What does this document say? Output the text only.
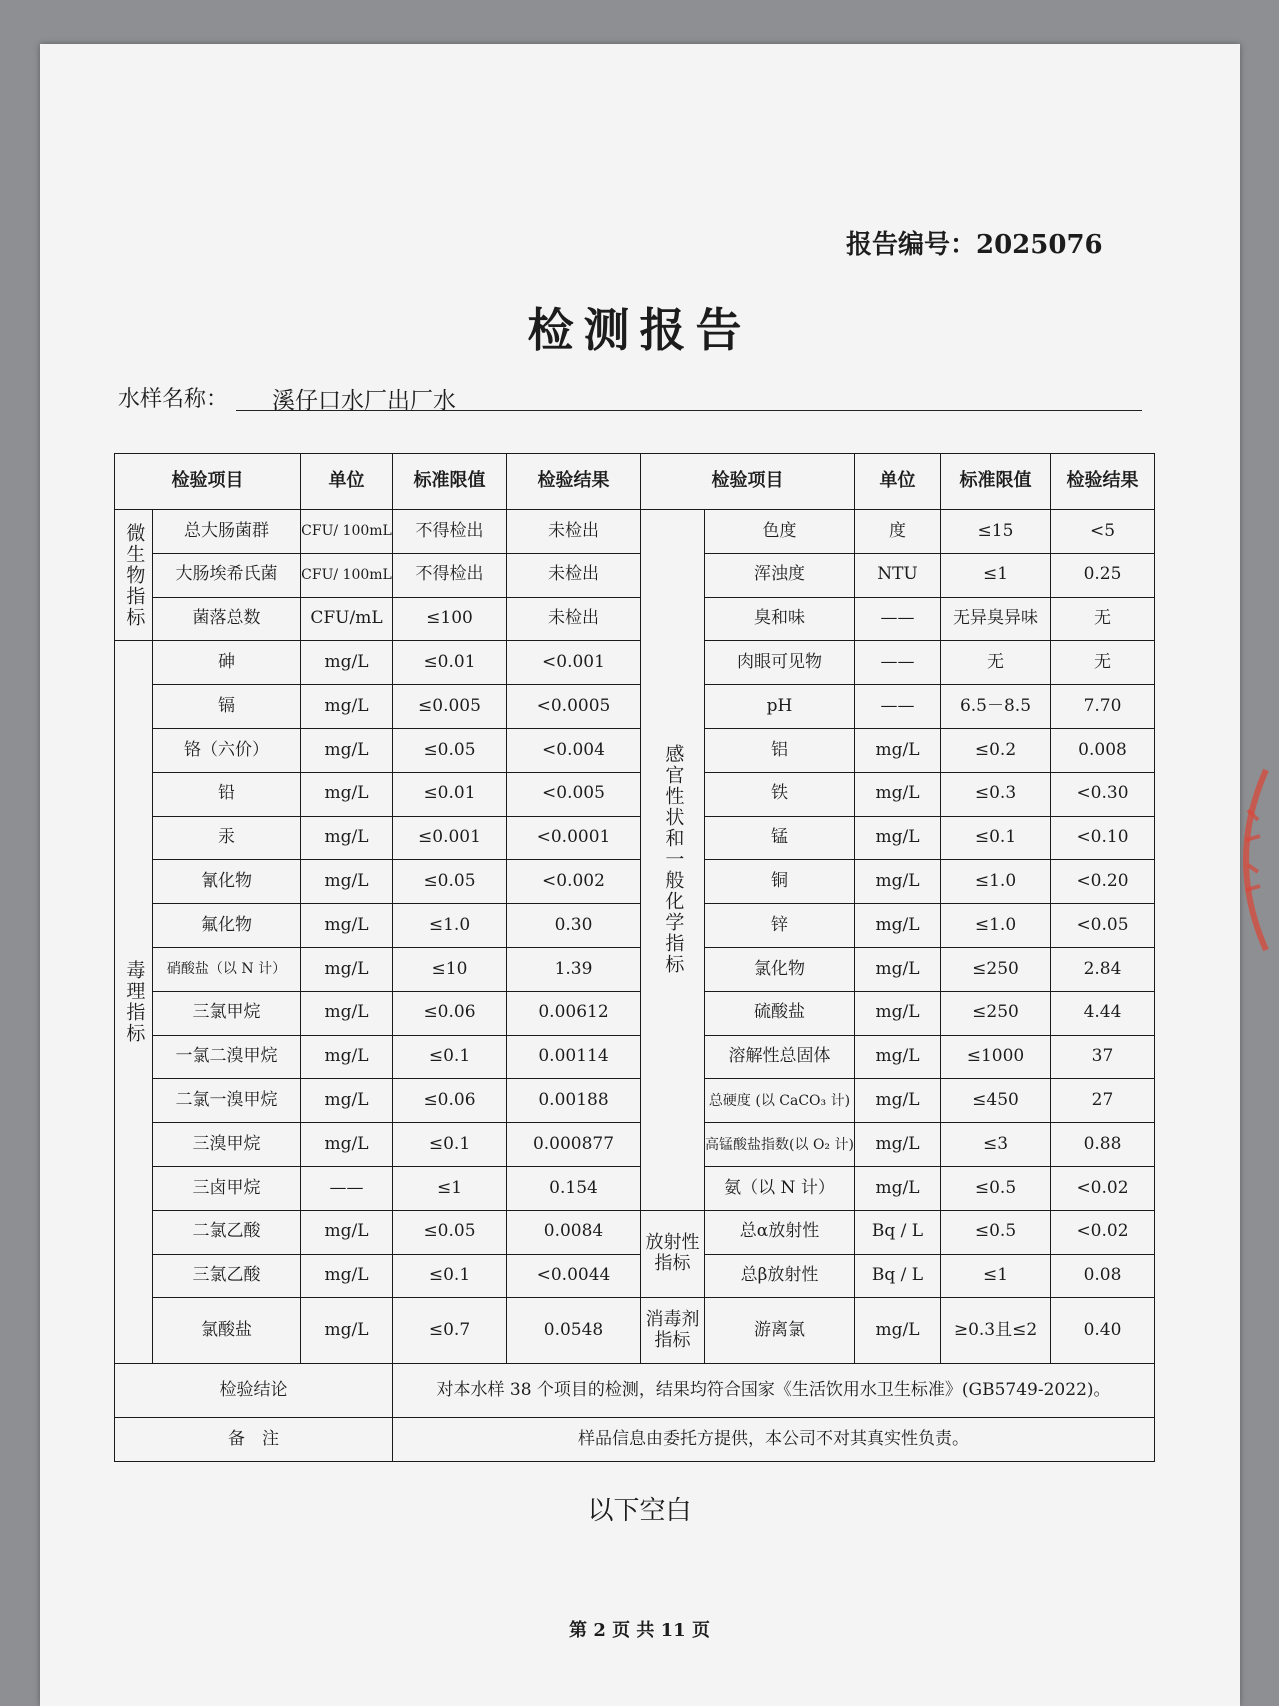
报告编号：2025076
检测报告
水样名称： 溪仔口水厂出厂水
检验项目		单位	标准限值	检验结果	检验项目		单位	标准限值	检验结果
微生物指标	总大肠菌群	CFU/ 100mL	不得检出	未检出	感官性状和一般化学指标	色度	度	≤15	<5
	大肠埃希氏菌	CFU/ 100mL	不得检出	未检出		浑浊度	NTU	≤1	0.25
	菌落总数	CFU/mL	≤100	未检出		臭和味	——	无异臭异味	无
毒理指标	砷	mg/L	≤0.01	<0.001		肉眼可见物	——	无	无
	镉	mg/L	≤0.005	<0.0005		pH	——	6.5－8.5	7.70
	铬（六价）	mg/L	≤0.05	<0.004		铝	mg/L	≤0.2	0.008
	铅	mg/L	≤0.01	<0.005		铁	mg/L	≤0.3	<0.30
	汞	mg/L	≤0.001	<0.0001		锰	mg/L	≤0.1	<0.10
	氰化物	mg/L	≤0.05	<0.002		铜	mg/L	≤1.0	<0.20
	氟化物	mg/L	≤1.0	0.30		锌	mg/L	≤1.0	<0.05
	硝酸盐（以 N 计）	mg/L	≤10	1.39		氯化物	mg/L	≤250	2.84
	三氯甲烷	mg/L	≤0.06	0.00612		硫酸盐	mg/L	≤250	4.44
	一氯二溴甲烷	mg/L	≤0.1	0.00114		溶解性总固体	mg/L	≤1000	37
	二氯一溴甲烷	mg/L	≤0.06	0.00188		总硬度 (以 CaCO₃ 计)	mg/L	≤450	27
	三溴甲烷	mg/L	≤0.1	0.000877		高锰酸盐指数(以 O₂ 计)	mg/L	≤3	0.88
	三卤甲烷	——	≤1	0.154		氨（以 N 计）	mg/L	≤0.5	<0.02
	二氯乙酸	mg/L	≤0.05	0.0084	放射性指标	总α放射性	Bq / L	≤0.5	<0.02
	三氯乙酸	mg/L	≤0.1	<0.0044		总β放射性	Bq / L	≤1	0.08
	氯酸盐	mg/L	≤0.7	0.0548	消毒剂指标	游离氯	mg/L	≥0.3且≤2	0.40
检验结论			对本水样 38 个项目的检测，结果均符合国家《生活饮用水卫生标准》(GB5749-2022)。						
备　注			样品信息由委托方提供，本公司不对其真实性负责。						
以下空白
第 2 页 共 11 页
